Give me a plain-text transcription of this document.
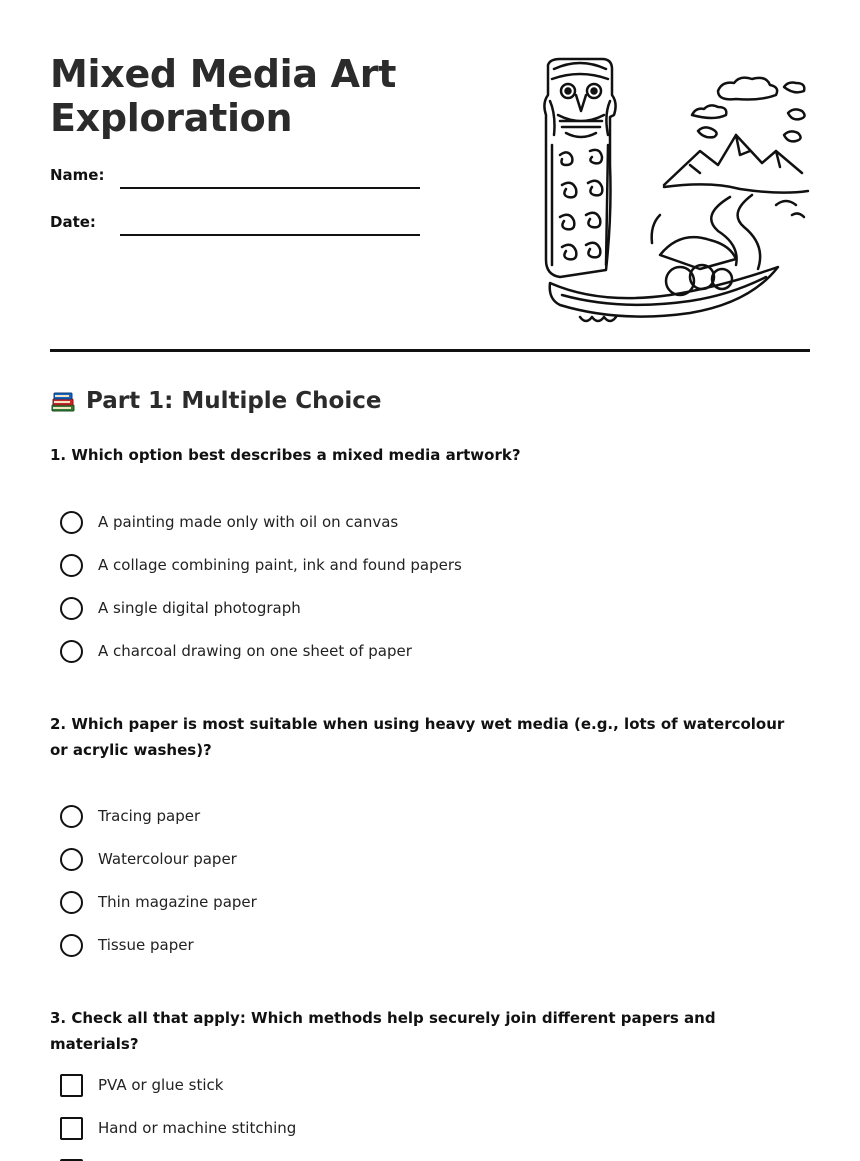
Mixed Media Art Exploration
Name:
Date:
Part 1: Multiple Choice
1. Which option best describes a mixed media artwork?
A painting made only with oil on canvas
A collage combining paint, ink and found papers
A single digital photograph
A charcoal drawing on one sheet of paper
2. Which paper is most suitable when using heavy wet media (e.g., lots of watercolour or acrylic washes)?
Tracing paper
Watercolour paper
Thin magazine paper
Tissue paper
3. Check all that apply: Which methods help securely join different papers and materials?
PVA or glue stick
Hand or machine stitching
